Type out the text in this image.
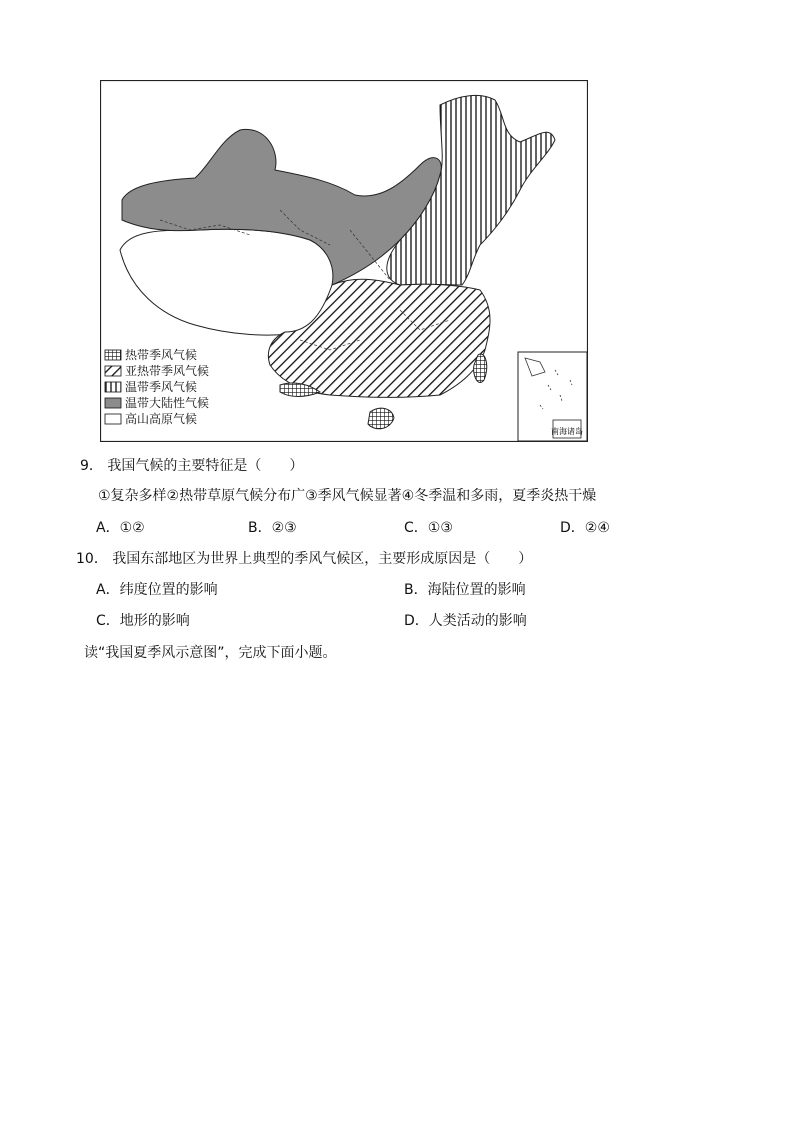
热带季风气候
亚热带季风气候
温带季风气候
温带大陆性气候
高山高原气候
南海诸岛
9． 我国气候的主要特征是（　　）
①复杂多样②热带草原气候分布广③季风气候显著④冬季温和多雨，夏季炎热干燥
A．①②	B．②③	C．①③	D．②④
10． 我国东部地区为世界上典型的季风气候区，主要形成原因是（　　）
A．纬度位置的影响	B．海陆位置的影响
C．地形的影响	D．人类活动的影响
读“我国夏季风示意图”，完成下面小题。
